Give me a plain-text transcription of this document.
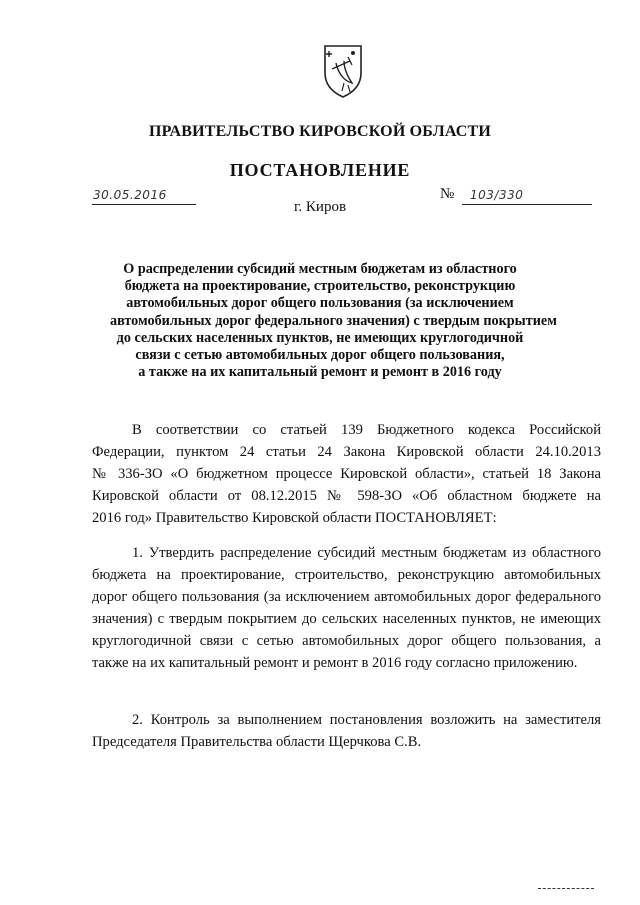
ПРАВИТЕЛЬСТВО КИРОВСКОЙ ОБЛАСТИ
ПОСТАНОВЛЕНИЕ
30.05.2016	№	103/330
г. Киров
О распределении субсидий местным бюджетам из областного
бюджета на проектирование, строительство, реконструкцию
автомобильных дорог общего пользования (за исключением
автомобильных дорог федерального значения) с твердым покрытием
до сельских населенных пунктов, не имеющих круглогодичной
связи с сетью автомобильных дорог общего пользования,
а также на их капитальный ремонт и ремонт в 2016 году
В соответствии со статьей 139 Бюджетного кодекса Российской
Федерации, пунктом 24 статьи 24 Закона Кировской области 24.10.2013
№ 336-ЗО «О бюджетном процессе Кировской области», статьей 18 Закона
Кировской области от 08.12.2015 № 598-ЗО «Об областном бюджете на
2016 год» Правительство Кировской области ПОСТАНОВЛЯЕТ:
1. Утвердить распределение субсидий местным бюджетам из областного
бюджета на проектирование, строительство, реконструкцию автомобильных
дорог общего пользования (за исключением автомобильных дорог федерального
значения) с твердым покрытием до сельских населенных пунктов, не имеющих
круглогодичной связи с сетью автомобильных дорог общего пользования, а
также на их капитальный ремонт и ремонт в 2016 году согласно приложению.
2. Контроль за выполнением постановления возложить на заместителя
Председателя Правительства области Щерчкова С.В.
